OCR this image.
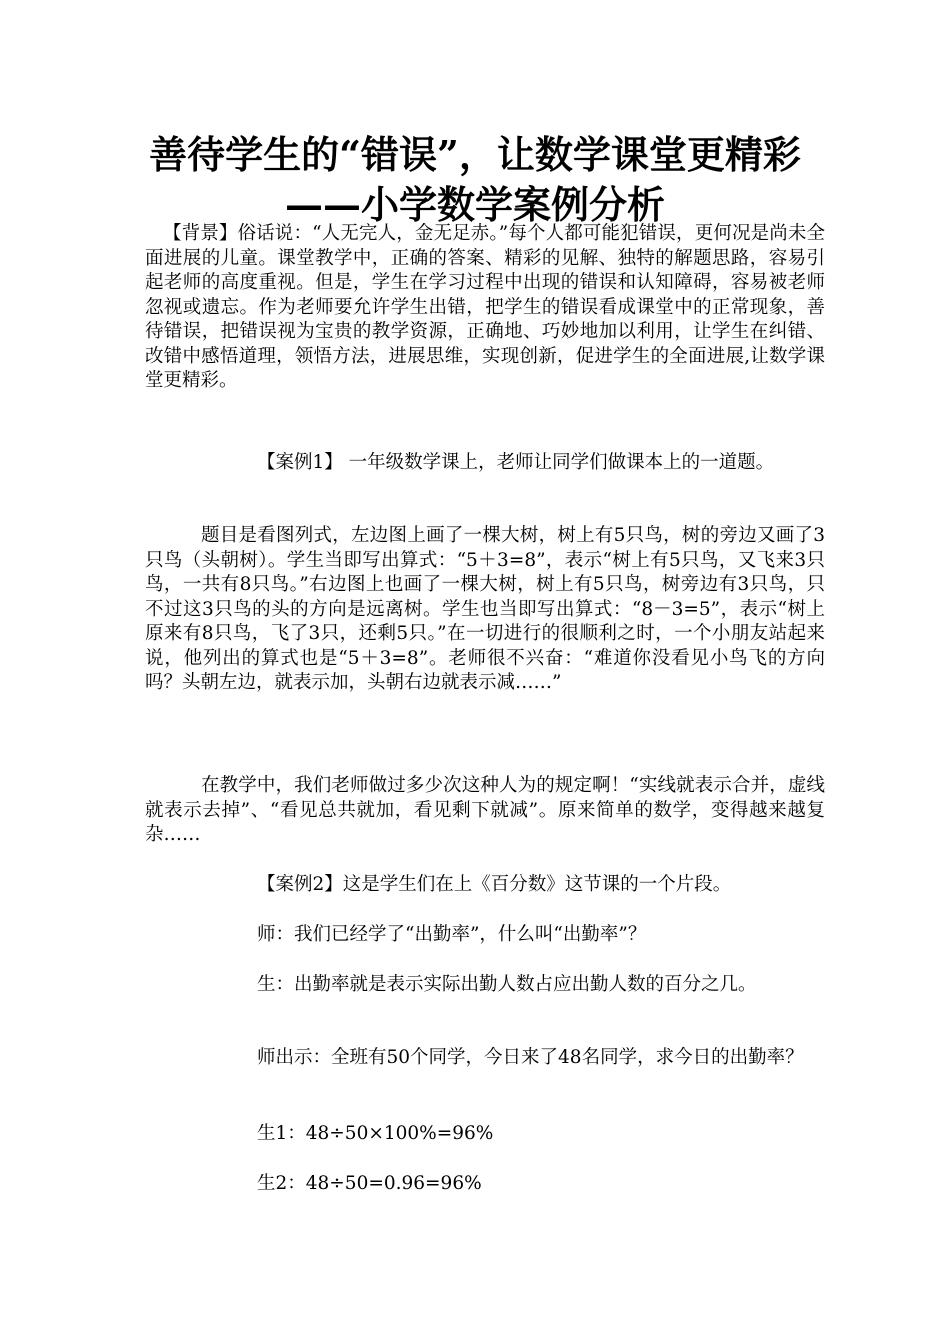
善待学生的“错误”，让数学课堂更精彩——小学数学案例分析
【背景】俗话说：“人无完人，金无足赤。”每个人都可能犯错误，更何况是尚未全面进展的儿童。课堂教学中，正确的答案、精彩的见解、独特的解题思路，容易引起老师的高度重视。但是，学生在学习过程中出现的错误和认知障碍，容易被老师忽视或遗忘。作为老师要允许学生出错，把学生的错误看成课堂中的正常现象，善待错误，把错误视为宝贵的教学资源，正确地、巧妙地加以利用，让学生在纠错、改错中感悟道理，领悟方法，进展思维，实现创新，促进学生的全面进展,让数学课堂更精彩。
【案例1】 一年级数学课上，老师让同学们做课本上的一道题。
题目是看图列式，左边图上画了一棵大树，树上有5只鸟，树的旁边又画了3只鸟（头朝树）。学生当即写出算式：“5＋3=8”，表示“树上有5只鸟，又飞来3只鸟，一共有8只鸟。”右边图上也画了一棵大树，树上有5只鸟，树旁边有3只鸟，只不过这3只鸟的头的方向是远离树。学生也当即写出算式：“8－3=5”，表示“树上原来有8只鸟，飞了3只，还剩5只。”在一切进行的很顺利之时，一个小朋友站起来说，他列出的算式也是“5＋3=8”。老师很不兴奋：“难道你没看见小鸟飞的方向吗？头朝左边，就表示加，头朝右边就表示减……”
在教学中，我们老师做过多少次这种人为的规定啊！“实线就表示合并，虚线就表示去掉”、“看见总共就加，看见剩下就减”。原来简单的数学，变得越来越复杂……
【案例2】这是学生们在上《百分数》这节课的一个片段。
师：我们已经学了“出勤率”，什么叫“出勤率”？
生：出勤率就是表示实际出勤人数占应出勤人数的百分之几。
师出示：全班有50个同学，今日来了48名同学，求今日的出勤率？
生1：48÷50×100%=96%
生2：48÷50=0.96=96%
